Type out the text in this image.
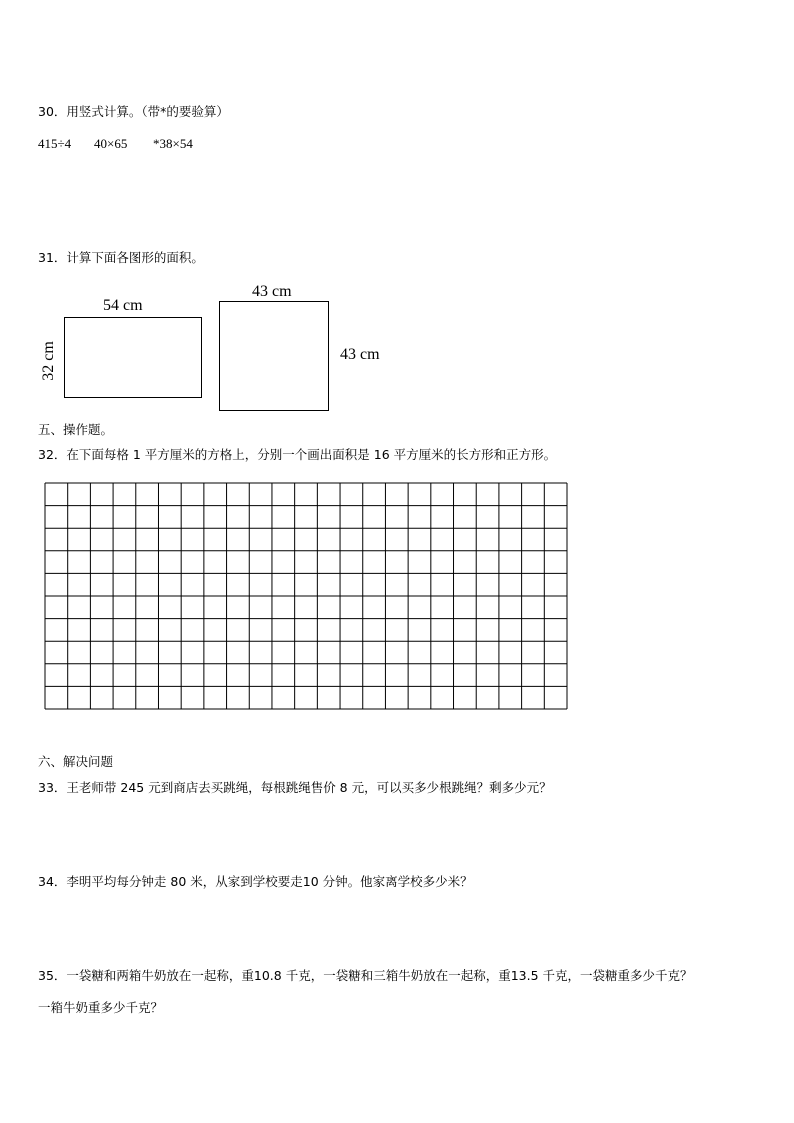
30．用竖式计算。（带*的要验算）
415÷4 40×65 *38×54
31．计算下面各图形的面积。
54 cm
32 cm
43 cm
43 cm
五、操作题。
32．在下面每格 1 平方厘米的方格上，分别一个画出面积是 16 平方厘米的长方形和正方形。
六、解决问题
33．王老师带 245 元到商店去买跳绳，每根跳绳售价 8 元，可以买多少根跳绳？剩多少元？
34．李明平均每分钟走 80 米，从家到学校要走10 分钟。他家离学校多少米？
35．一袋糖和两箱牛奶放在一起称，重10.8 千克，一袋糖和三箱牛奶放在一起称，重13.5 千克，一袋糖重多少千克？
一箱牛奶重多少千克？
